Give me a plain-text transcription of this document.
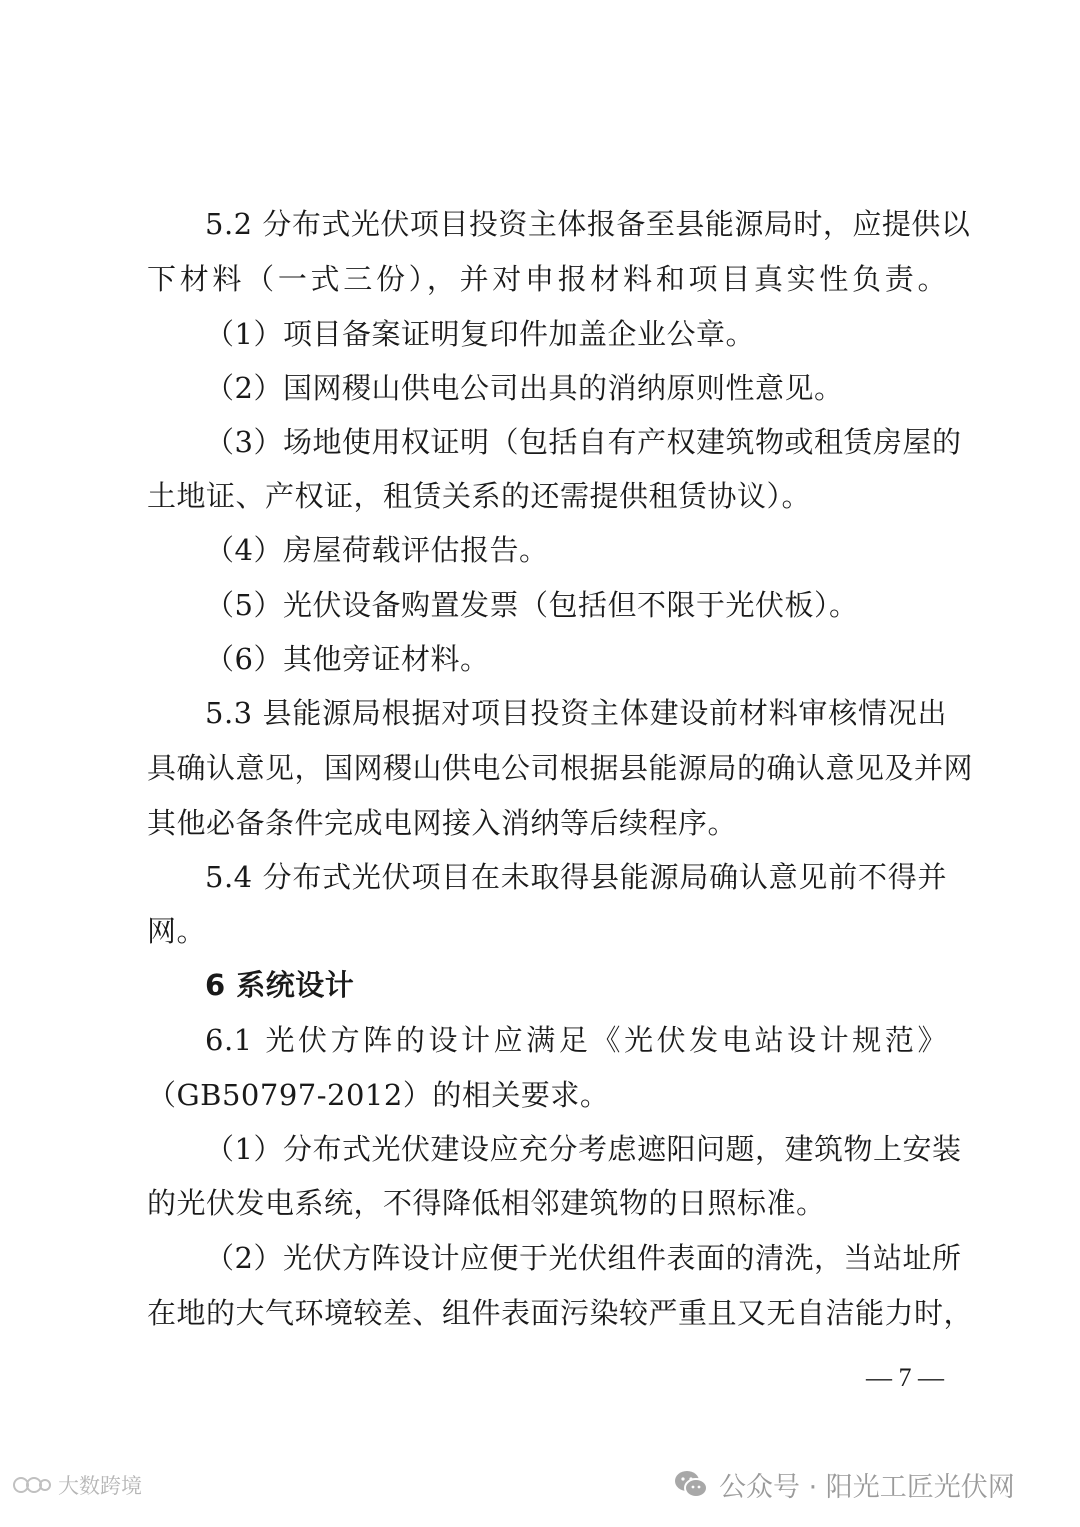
5.2 分布式光伏项目投资主体报备至县能源局时，应提供以
下材料（一式三份），并对申报材料和项目真实性负责。
（1）项目备案证明复印件加盖企业公章。
（2）国网稷山供电公司出具的消纳原则性意见。
（3）场地使用权证明（包括自有产权建筑物或租赁房屋的
土地证、产权证，租赁关系的还需提供租赁协议）。
（4）房屋荷载评估报告。
（5）光伏设备购置发票（包括但不限于光伏板）。
（6）其他旁证材料。
5.3 县能源局根据对项目投资主体建设前材料审核情况出
具确认意见，国网稷山供电公司根据县能源局的确认意见及并网
其他必备条件完成电网接入消纳等后续程序。
5.4 分布式光伏项目在未取得县能源局确认意见前不得并
网。
6 系统设计
6.1 光伏方阵的设计应满足《光伏发电站设计规范》
（GB50797-2012）的相关要求。
（1）分布式光伏建设应充分考虑遮阳问题，建筑物上安装
的光伏发电系统，不得降低相邻建筑物的日照标准。
（2）光伏方阵设计应便于光伏组件表面的清洗，当站址所
在地的大气环境较差、组件表面污染较严重且又无自洁能力时，
— 7 —
公众号 · 阳光工匠光伏网
大数跨境
